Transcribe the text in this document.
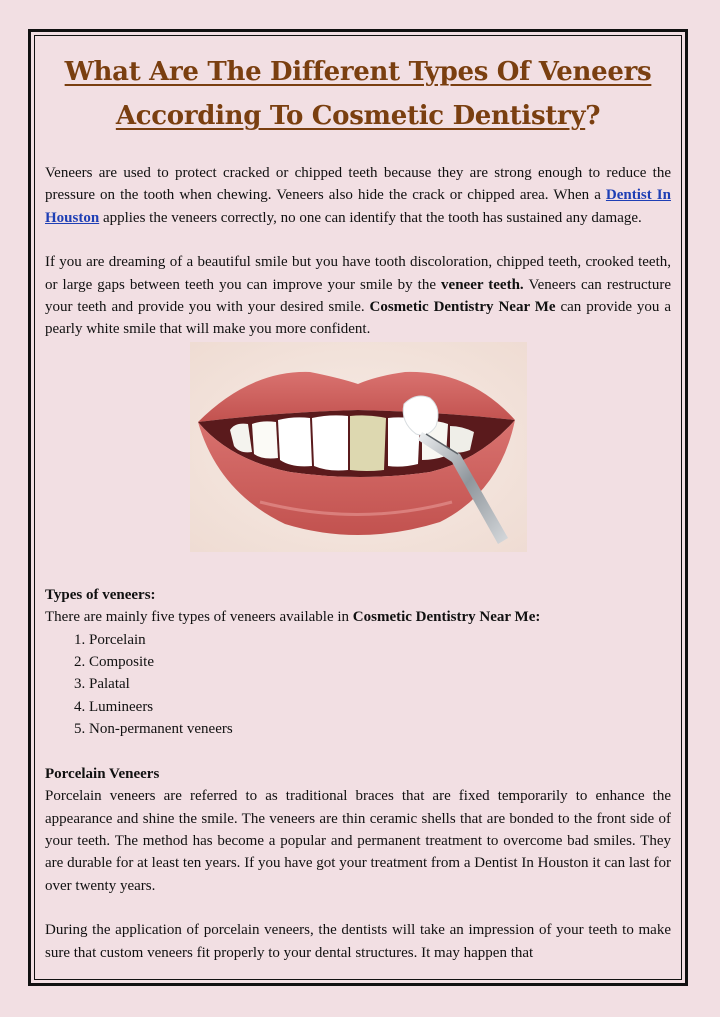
What Are The Different Types Of Veneers
According To Cosmetic Dentistry?

Veneers are used to protect cracked or chipped teeth because they are strong enough to reduce the pressure on the tooth when chewing. Veneers also hide the crack or chipped area. When a Dentist In Houston applies the veneers correctly, no one can identify that the tooth has sustained any damage.

If you are dreaming of a beautiful smile but you have tooth discoloration, chipped teeth, crooked teeth, or large gaps between teeth you can improve your smile by the veneer teeth. Veneers can restructure your teeth and provide you with your desired smile. Cosmetic Dentistry Near Me can provide you a pearly white smile that will make you more confident.

Types of veneers:

There are mainly five types of veneers available in Cosmetic Dentistry Near Me:

1. Porcelain
2. Composite
3. Palatal
4. Lumineers
5. Non-permanent veneers

Porcelain Veneers

Porcelain veneers are referred to as traditional braces that are fixed temporarily to enhance the appearance and shine the smile. The veneers are thin ceramic shells that are bonded to the front side of your teeth. The method has become a popular and permanent treatment to overcome bad smiles. They are durable for at least ten years. If you have got your treatment from a Dentist In Houston it can last for over twenty years.

During the application of porcelain veneers, the dentists will take an impression of your teeth to make sure that custom veneers fit properly to your dental structures. It may happen that
